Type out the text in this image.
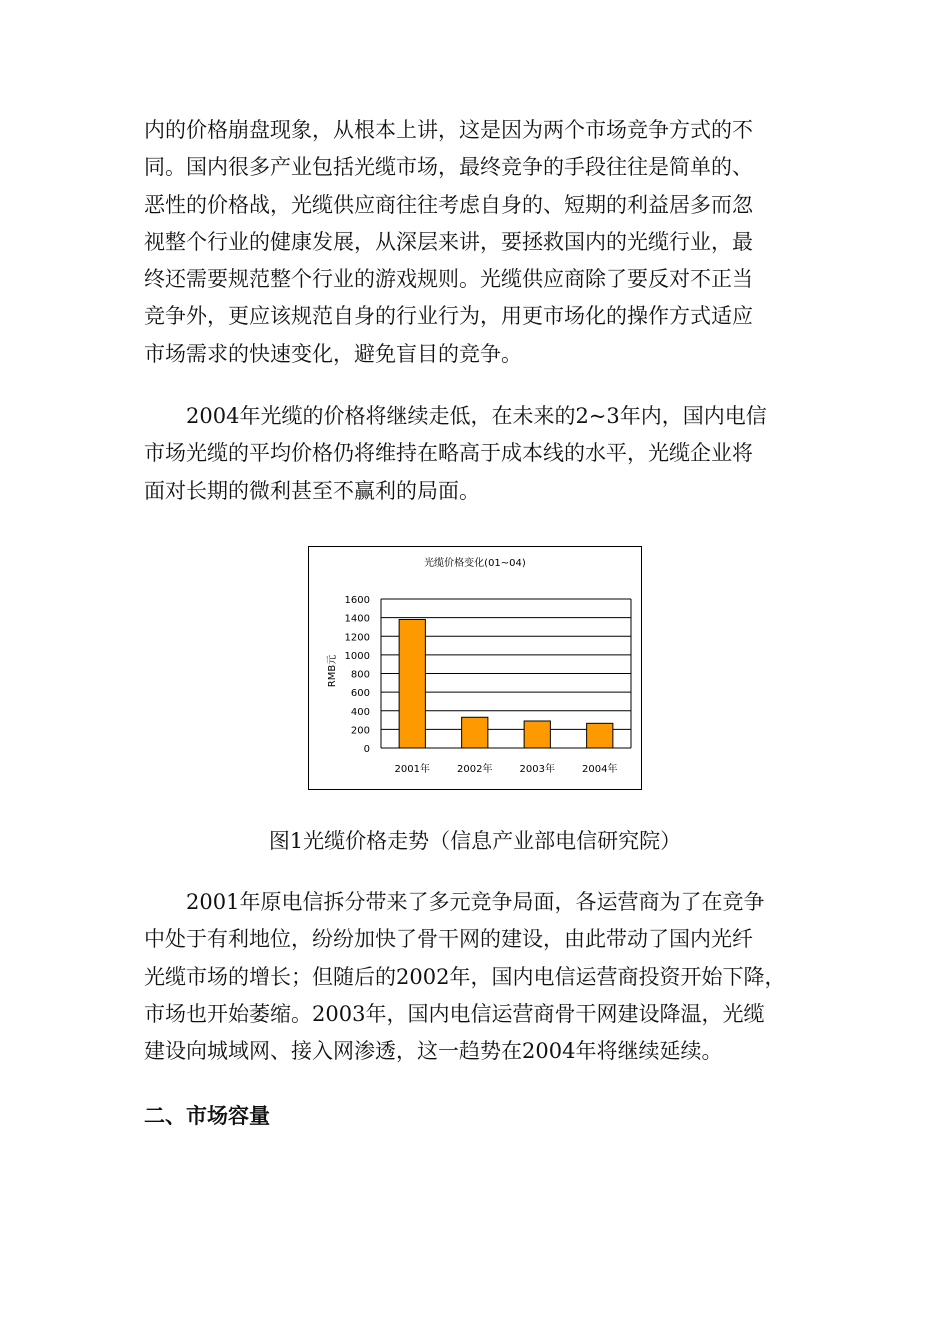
内的价格崩盘现象，从根本上讲，这是因为两个市场竞争方式的不
同。国内很多产业包括光缆市场，最终竞争的手段往往是简单的、
恶性的价格战，光缆供应商往往考虑自身的、短期的利益居多而忽
视整个行业的健康发展，从深层来讲，要拯救国内的光缆行业，最
终还需要规范整个行业的游戏规则。光缆供应商除了要反对不正当
竞争外，更应该规范自身的行业行为，用更市场化的操作方式适应
市场需求的快速变化，避免盲目的竞争。
2004年光缆的价格将继续走低，在未来的2~3年内，国内电信
市场光缆的平均价格仍将维持在略高于成本线的水平，光缆企业将
面对长期的微利甚至不赢利的局面。
光缆价格变化(01~04)
RMB元
0
200
400
600
800
1000
1200
1400
1600
2001年	2002年	2003年	2004年
图1光缆价格走势（信息产业部电信研究院）
2001年原电信拆分带来了多元竞争局面，各运营商为了在竞争
中处于有利地位，纷纷加快了骨干网的建设，由此带动了国内光纤
光缆市场的增长；但随后的2002年，国内电信运营商投资开始下降，
市场也开始萎缩。2003年，国内电信运营商骨干网建设降温，光缆
建设向城域网、接入网渗透，这一趋势在2004年将继续延续。
二、市场容量
